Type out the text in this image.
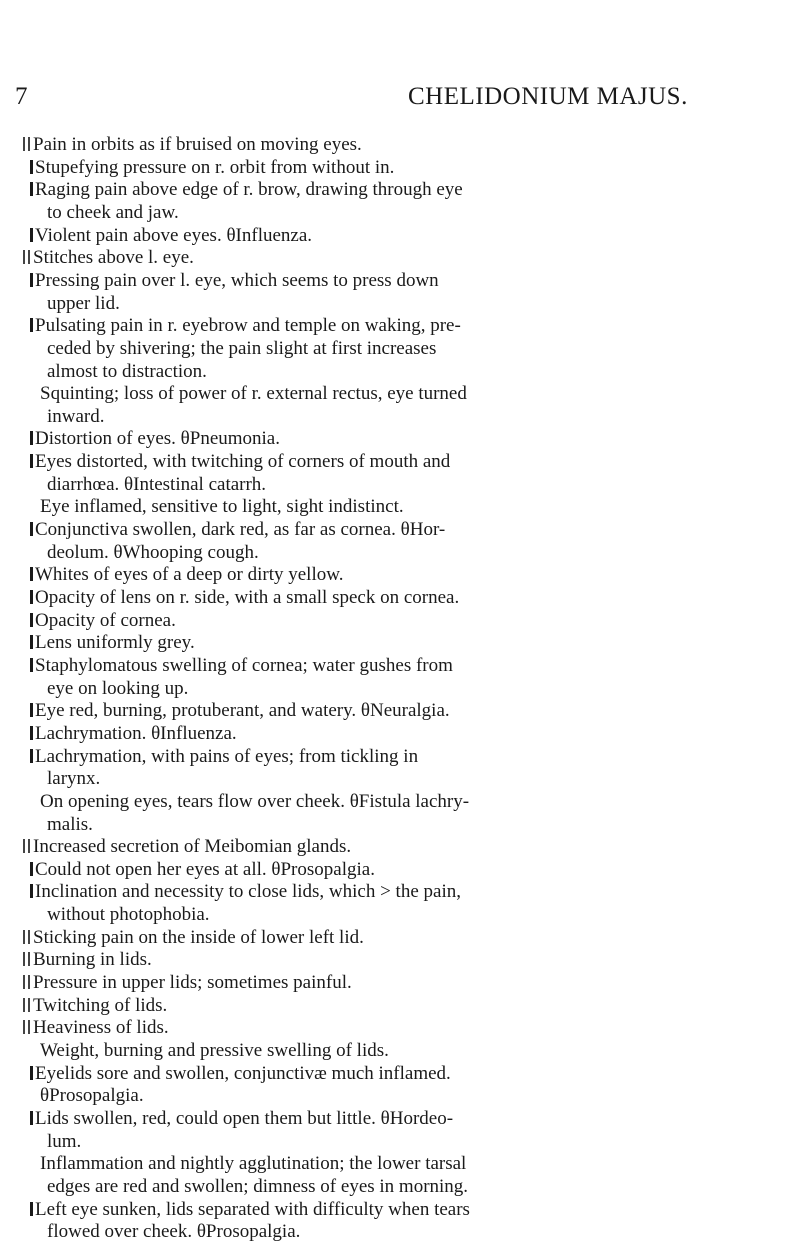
7	CHELIDONIUM MAJUS.
Pain in orbits as if bruised on moving eyes.
Stupefying pressure on r. orbit from without in.
Raging pain above edge of r. brow, drawing through eye
to cheek and jaw.
Violent pain above eyes. θInfluenza.
Stitches above l. eye.
Pressing pain over l. eye, which seems to press down
upper lid.
Pulsating pain in r. eyebrow and temple on waking, pre-
ceded by shivering; the pain slight at first increases
almost to distraction.
Squinting; loss of power of r. external rectus, eye turned
inward.
Distortion of eyes. θPneumonia.
Eyes distorted, with twitching of corners of mouth and
diarrhœa. θIntestinal catarrh.
Eye inflamed, sensitive to light, sight indistinct.
Conjunctiva swollen, dark red, as far as cornea. θHor-
deolum. θWhooping cough.
Whites of eyes of a deep or dirty yellow.
Opacity of lens on r. side, with a small speck on cornea.
Opacity of cornea.
Lens uniformly grey.
Staphylomatous swelling of cornea; water gushes from
eye on looking up.
Eye red, burning, protuberant, and watery. θNeuralgia.
Lachrymation. θInfluenza.
Lachrymation, with pains of eyes; from tickling in
larynx.
On opening eyes, tears flow over cheek. θFistula lachry-
malis.
Increased secretion of Meibomian glands.
Could not open her eyes at all. θProsopalgia.
Inclination and necessity to close lids, which > the pain,
without photophobia.
Sticking pain on the inside of lower left lid.
Burning in lids.
Pressure in upper lids; sometimes painful.
Twitching of lids.
Heaviness of lids.
Weight, burning and pressive swelling of lids.
Eyelids sore and swollen, conjunctivæ much inflamed.
θProsopalgia.
Lids swollen, red, could open them but little. θHordeo-
lum.
Inflammation and nightly agglutination; the lower tarsal
edges are red and swollen; dimness of eyes in morning.
Left eye sunken, lids separated with difficulty when tears
flowed over cheek. θProsopalgia.
